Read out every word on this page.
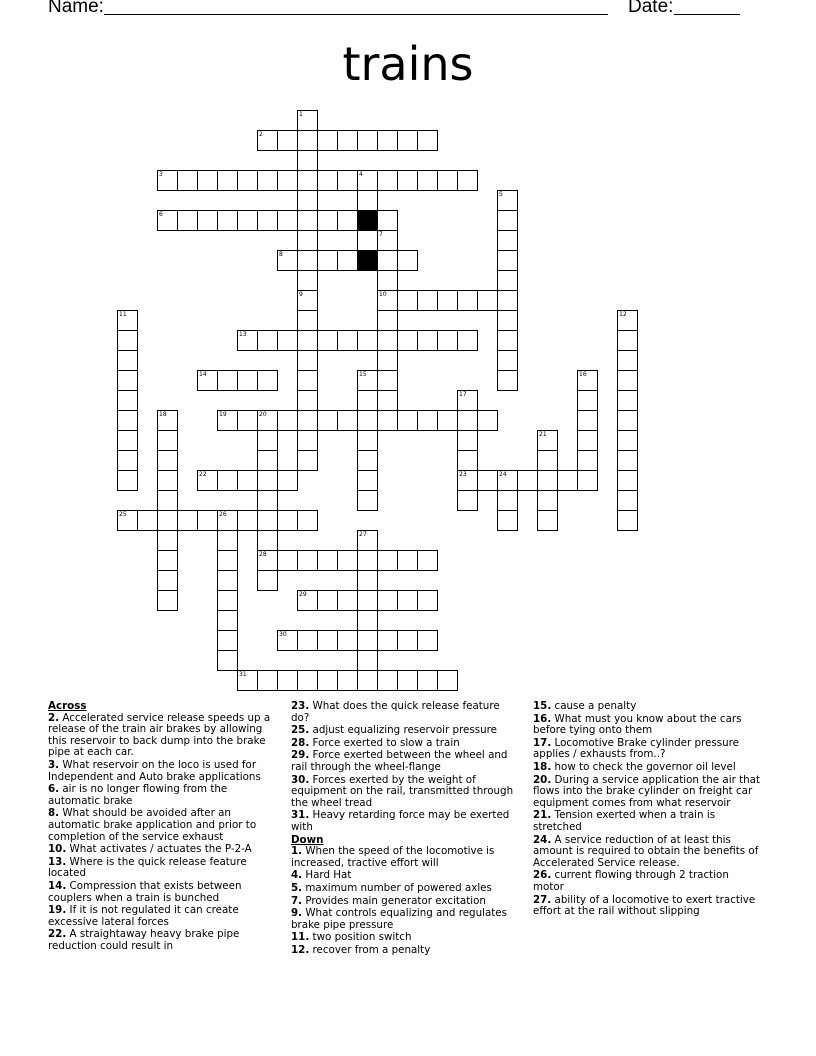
Name:	Date:
trains
2
3	4
6
8
10
13
14
19	20
22	23	24
25	26
28
29
30
31
1
9
5
7
11	12
15	16
17
18
21
27
Across
2. Accelerated service release speeds up a release of the train air brakes by allowing this reservoir to back dump into the brake pipe at each car.
3. What reservoir on the loco is used for Independent and Auto brake applications
6. air is no longer flowing from the automatic brake
8. What should be avoided after an automatic brake application and prior to completion of the service exhaust
10. What activates / actuates the P-2-A
13. Where is the quick release feature located
14. Compression that exists between couplers when a train is bunched
19. If it is not regulated it can create excessive lateral forces
22. A straightaway heavy brake pipe reduction could result in
23. What does the quick release feature do?
25. adjust equalizing reservoir pressure
28. Force exerted to slow a train
29. Force exerted between the wheel and rail through the wheel-flange
30. Forces exerted by the weight of equipment on the rail, transmitted through the wheel tread
31. Heavy retarding force may be exerted with
Down
1. When the speed of the locomotive is increased, tractive effort will
4. Hard Hat
5. maximum number of powered axles
7. Provides main generator excitation
9. What controls equalizing and regulates brake pipe pressure
11. two position switch
12. recover from a penalty
15. cause a penalty
16. What must you know about the cars before tying onto them
17. Locomotive Brake cylinder pressure applies / exhausts from..?
18. how to check the governor oil level
20. During a service application the air that flows into the brake cylinder on freight car equipment comes from what reservoir
21. Tension exerted when a train is stretched
24. A service reduction of at least this amount is required to obtain the benefits of Accelerated Service release.
26. current flowing through 2 traction motor
27. ability of a locomotive to exert tractive effort at the rail without slipping
